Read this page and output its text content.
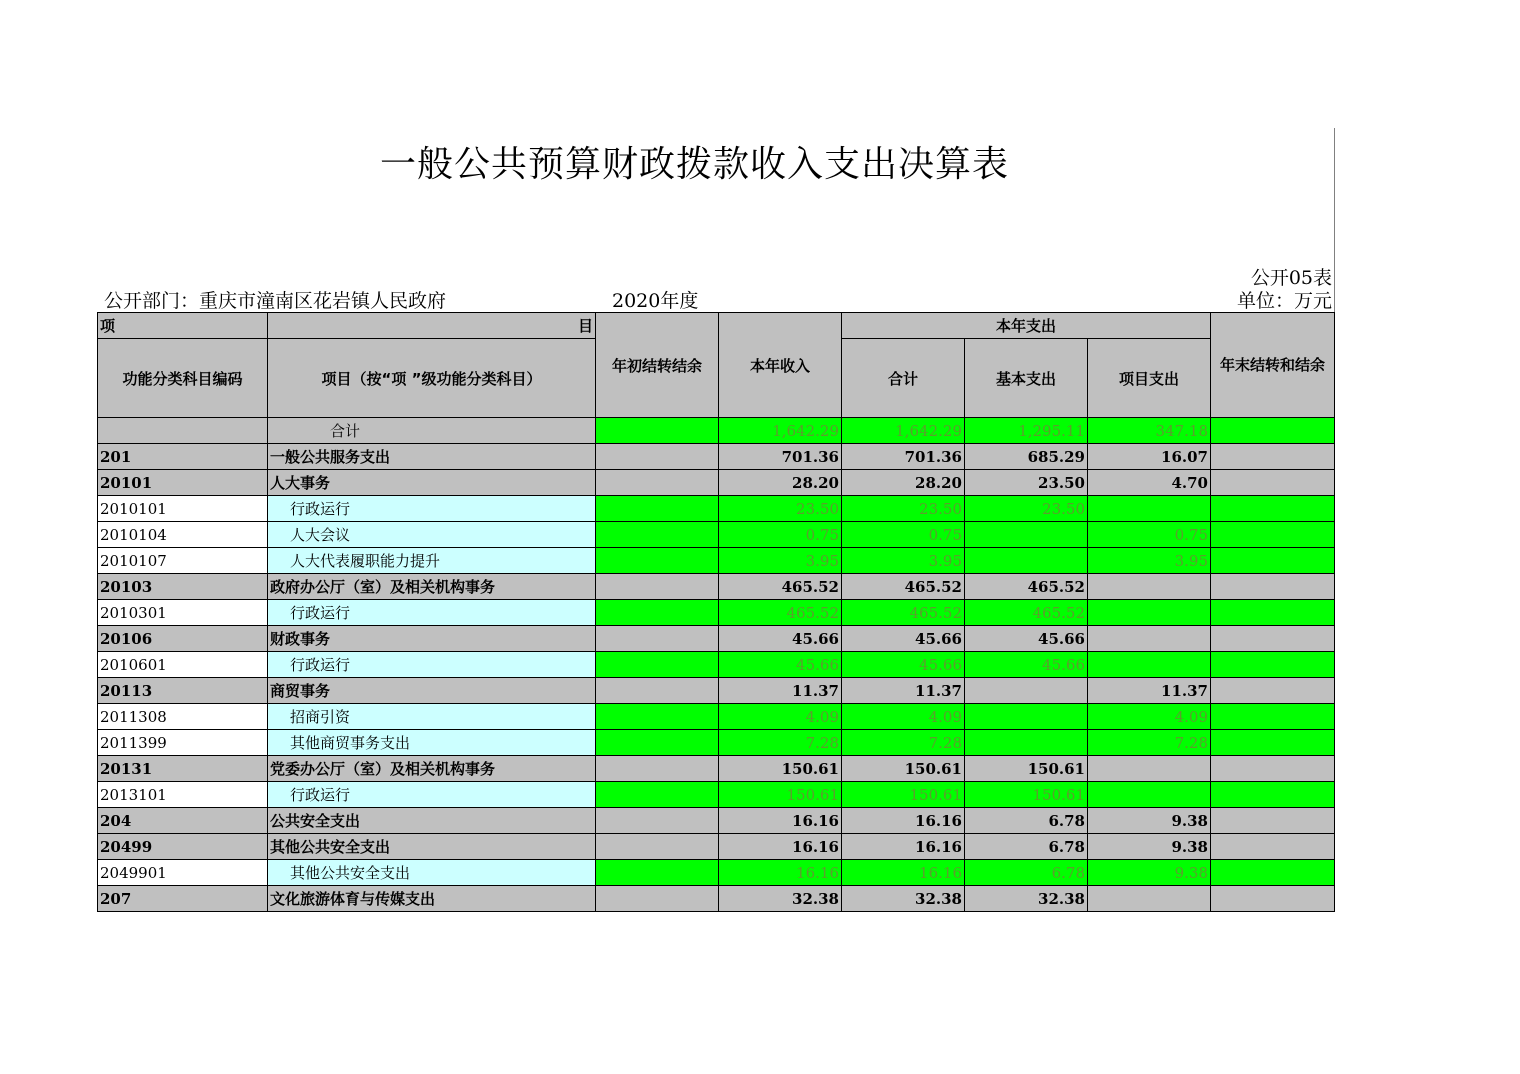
一般公共预算财政拨款收入支出决算表
公开部门：重庆市潼南区花岩镇人民政府	2020年度
公开05表
单位：万元
项	目	年初结转结余	本年收入	本年支出			年末结转和结余
功能分类科目编码	项目（按“项 ”级功能分类科目）			合计	基本支出	项目支出	
	合计		1,642.29	1,642.29	1,295.11	347.18	
201	一般公共服务支出		701.36	701.36	685.29	16.07	
20101	人大事务		28.20	28.20	23.50	4.70	
2010101	行政运行		23.50	23.50	23.50		
2010104	人大会议		0.75	0.75		0.75	
2010107	人大代表履职能力提升		3.95	3.95		3.95	
20103	政府办公厅（室）及相关机构事务		465.52	465.52	465.52		
2010301	行政运行		465.52	465.52	465.52		
20106	财政事务		45.66	45.66	45.66		
2010601	行政运行		45.66	45.66	45.66		
20113	商贸事务		11.37	11.37		11.37	
2011308	招商引资		4.09	4.09		4.09	
2011399	其他商贸事务支出		7.28	7.28		7.28	
20131	党委办公厅（室）及相关机构事务		150.61	150.61	150.61		
2013101	行政运行		150.61	150.61	150.61		
204	公共安全支出		16.16	16.16	6.78	9.38	
20499	其他公共安全支出		16.16	16.16	6.78	9.38	
2049901	其他公共安全支出		16.16	16.16	6.78	9.38	
207	文化旅游体育与传媒支出		32.38	32.38	32.38		
